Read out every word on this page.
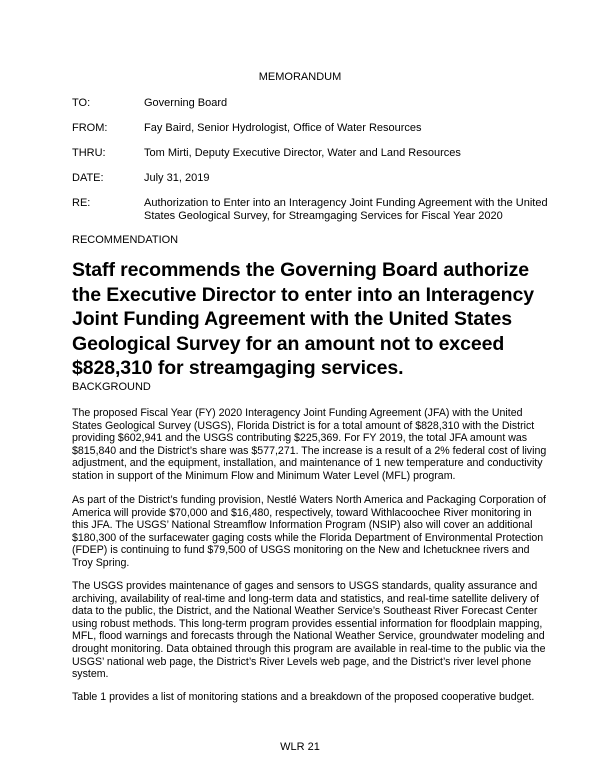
MEMORANDUM
TO:	Governing Board
FROM:	Fay Baird, Senior Hydrologist, Office of Water Resources
THRU:	Tom Mirti, Deputy Executive Director, Water and Land Resources
DATE:	July 31, 2019
RE:	Authorization to Enter into an Interagency Joint Funding Agreement with the United States Geological Survey, for Streamgaging Services for Fiscal Year 2020
RECOMMENDATION
Staff recommends the Governing Board authorize the Executive Director to enter into an Interagency Joint Funding Agreement with the United States Geological Survey for an amount not to exceed $828,310 for streamgaging services.
BACKGROUND
The proposed Fiscal Year (FY) 2020 Interagency Joint Funding Agreement (JFA) with the United States Geological Survey (USGS), Florida District is for a total amount of $828,310 with the District providing $602,941 and the USGS contributing $225,369. For FY 2019, the total JFA amount was $815,840 and the District’s share was $577,271. The increase is a result of a 2% federal cost of living adjustment, and the equipment, installation, and maintenance of 1 new temperature and conductivity station in support of the Minimum Flow and Minimum Water Level (MFL) program.
As part of the District’s funding provision, Nestlé Waters North America and Packaging Corporation of America will provide $70,000 and $16,480, respectively, toward Withlacoochee River monitoring in this JFA. The USGS’ National Streamflow Information Program (NSIP) also will cover an additional $180,300 of the surfacewater gaging costs while the Florida Department of Environmental Protection (FDEP) is continuing to fund $79,500 of USGS monitoring on the New and Ichetucknee rivers and Troy Spring.
The USGS provides maintenance of gages and sensors to USGS standards, quality assurance and archiving, availability of real-time and long-term data and statistics, and real-time satellite delivery of data to the public, the District, and the National Weather Service’s Southeast River Forecast Center using robust methods. This long-term program provides essential information for floodplain mapping, MFL, flood warnings and forecasts through the National Weather Service, groundwater modeling and drought monitoring. Data obtained through this program are available in real-time to the public via the USGS’ national web page, the District’s River Levels web page, and the District’s river level phone system.
Table 1 provides a list of monitoring stations and a breakdown of the proposed cooperative budget.
WLR 21
